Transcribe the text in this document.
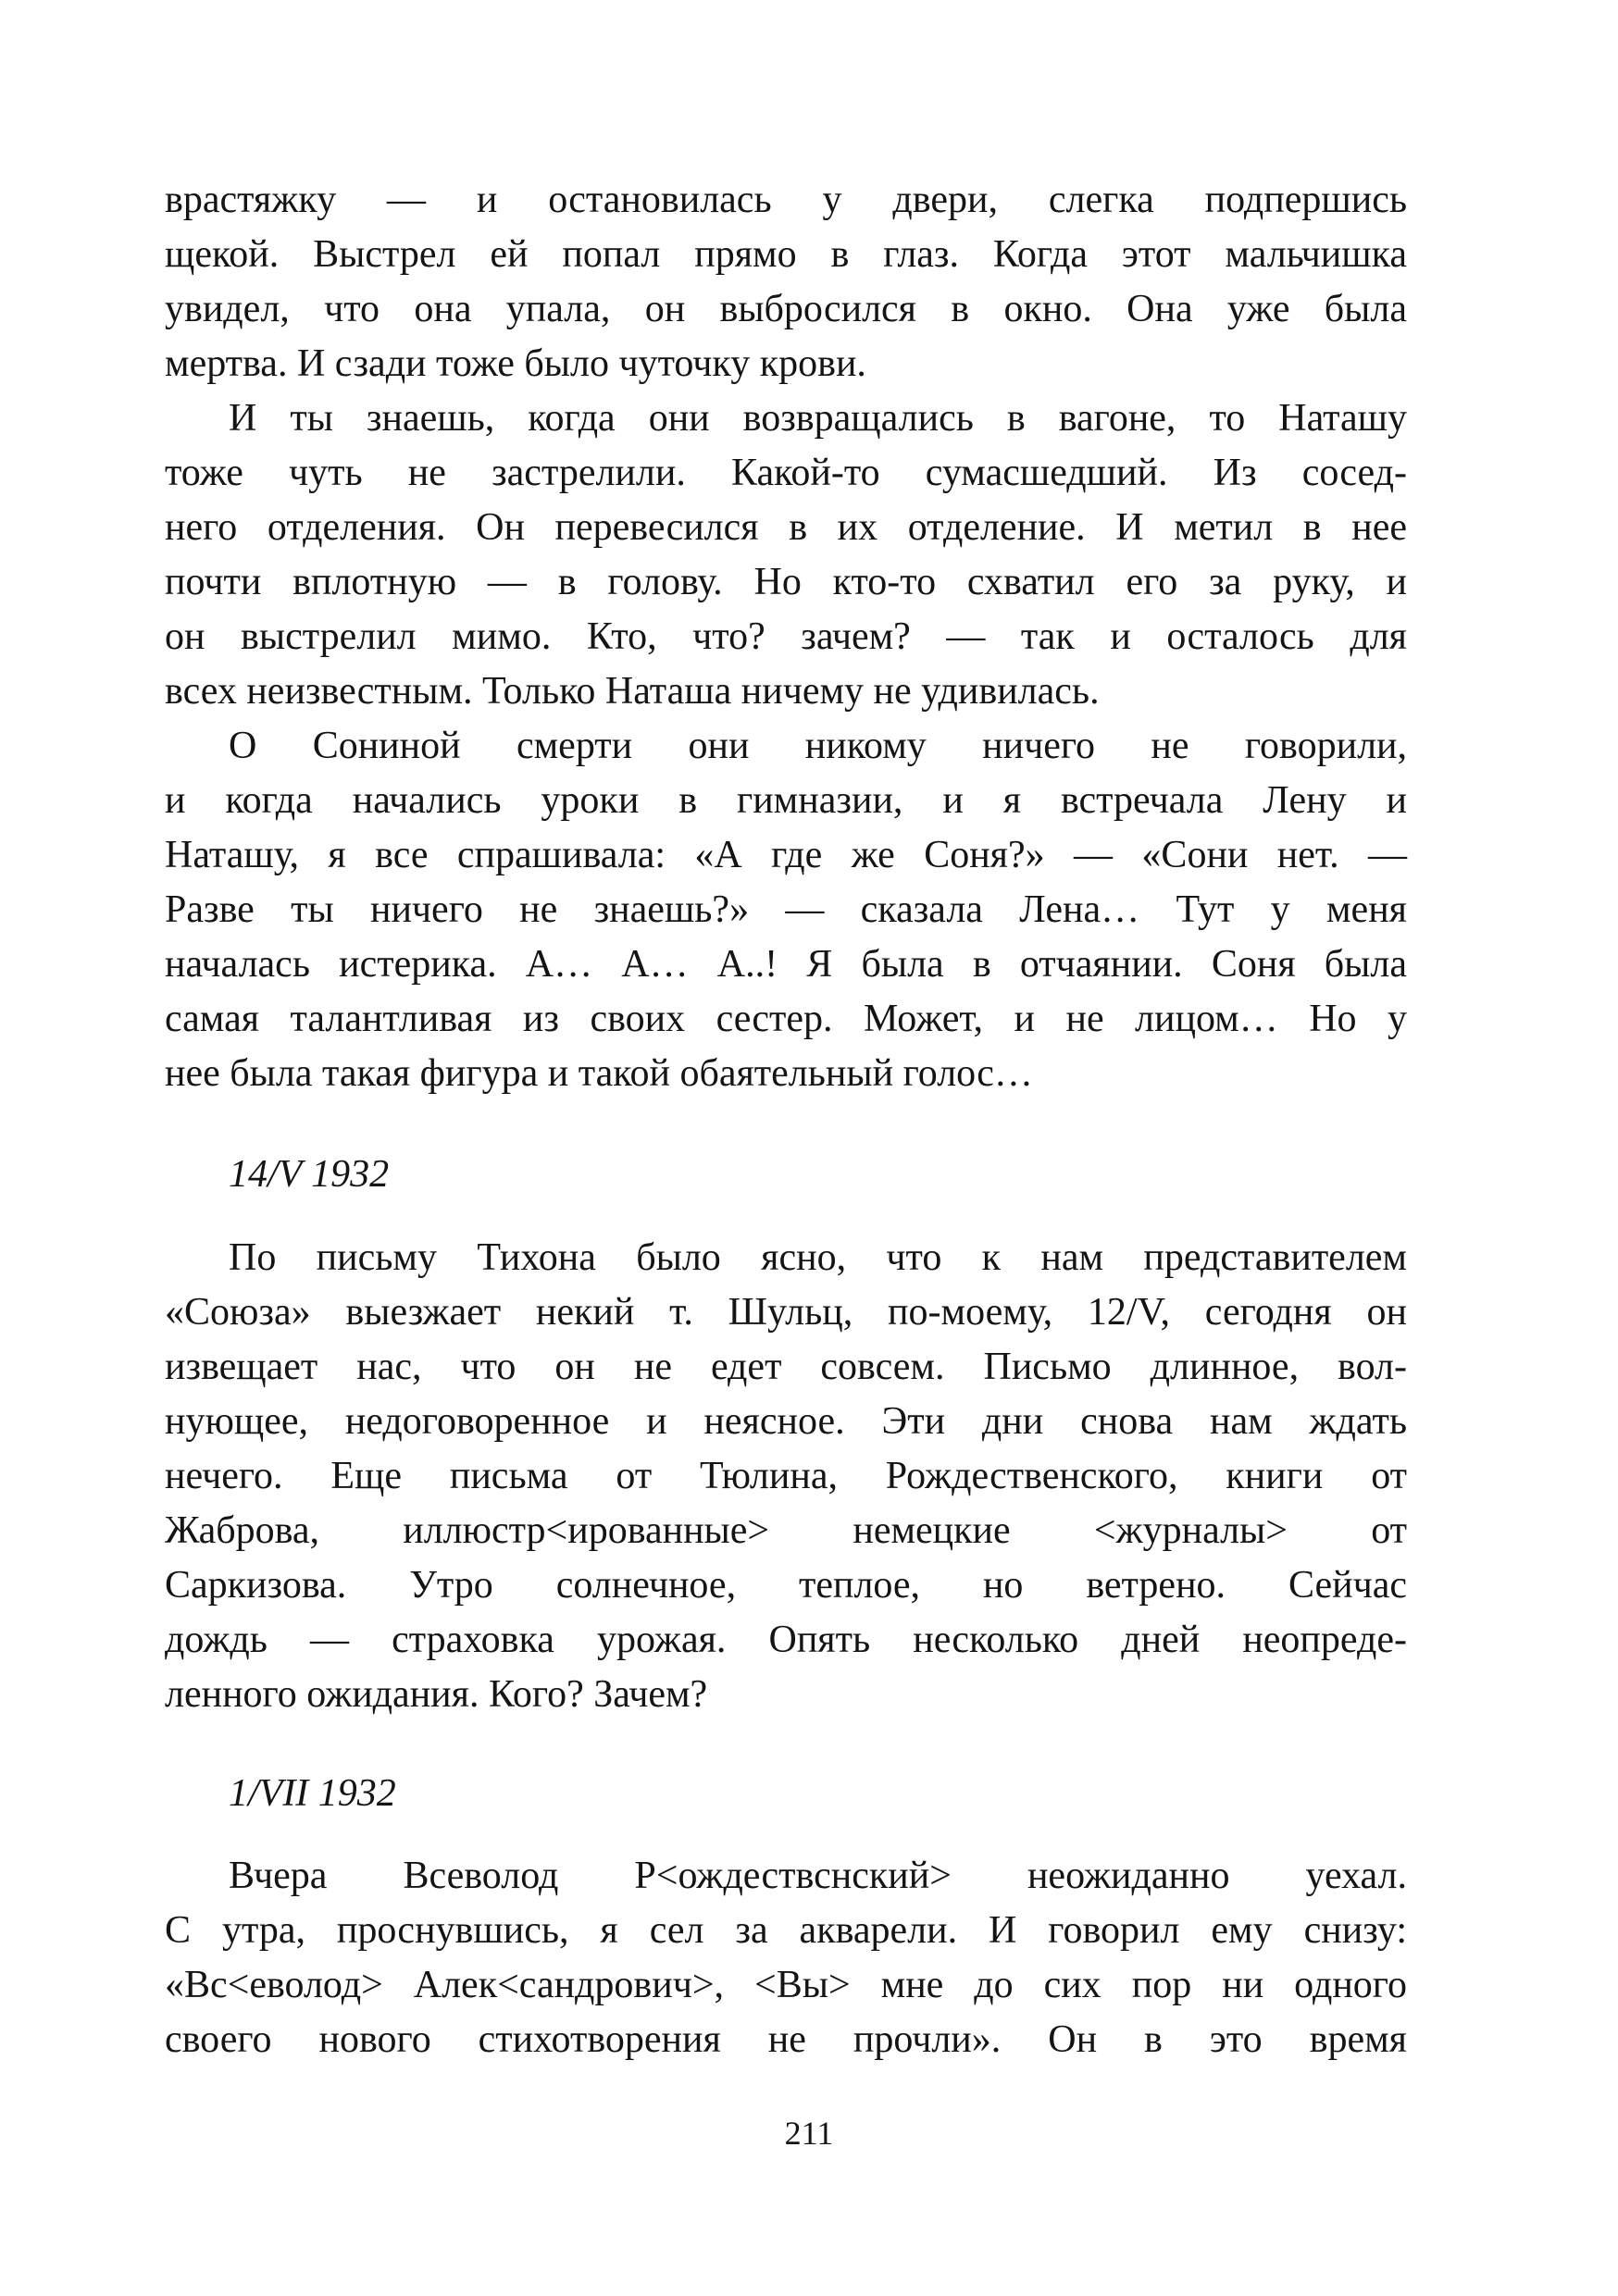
врастяжку — и остановилась у двери, слегка подпершись
щекой. Выстрел ей попал прямо в глаз. Когда этот мальчишка
увидел, что она упала, он выбросился в окно. Она уже была
мертва. И сзади тоже было чуточку крови.
И ты знаешь, когда они возвращались в вагоне, то Наташу
тоже чуть не застрелили. Какой-то сумасшедший. Из сосед-
него отделения. Он перевесился в их отделение. И метил в нее
почти вплотную — в голову. Но кто-то схватил его за руку, и
он выстрелил мимо. Кто, что? зачем? — так и осталось для
всех неизвестным. Только Наташа ничему не удивилась.
О Сониной смерти они никому ничего не говорили,
и когда начались уроки в гимназии, и я встречала Лену и
Наташу, я все спрашивала: «А где же Соня?» — «Сони нет. —
Разве ты ничего не знаешь?» — сказала Лена… Тут у меня
началась истерика. А… А… А..! Я была в отчаянии. Соня была
самая талантливая из своих сестер. Может, и не лицом… Но у
нее была такая фигура и такой обаятельный голос…
14/V 1932
По письму Тихона было ясно, что к нам представителем
«Союза» выезжает некий т. Шульц, по-моему, 12/V, сегодня он
извещает нас, что он не едет совсем. Письмо длинное, вол-
нующее, недоговоренное и неясное. Эти дни снова нам ждать
нечего. Еще письма от Тюлина, Рождественского, книги от
Жаброва, иллюстр<ированные> немецкие <журналы> от
Саркизова. Утро солнечное, теплое, но ветрено. Сейчас
дождь — страховка урожая. Опять несколько дней неопреде-
ленного ожидания. Кого? Зачем?
1/VII 1932
Вчера Всеволод Р<ождествснский> неожиданно уехал.
С утра, проснувшись, я сел за акварели. И говорил ему снизу:
«Вс<еволод> Алек<сандрович>, <Вы> мне до сих пор ни одного
своего нового стихотворения не прочли». Он в это время
211
